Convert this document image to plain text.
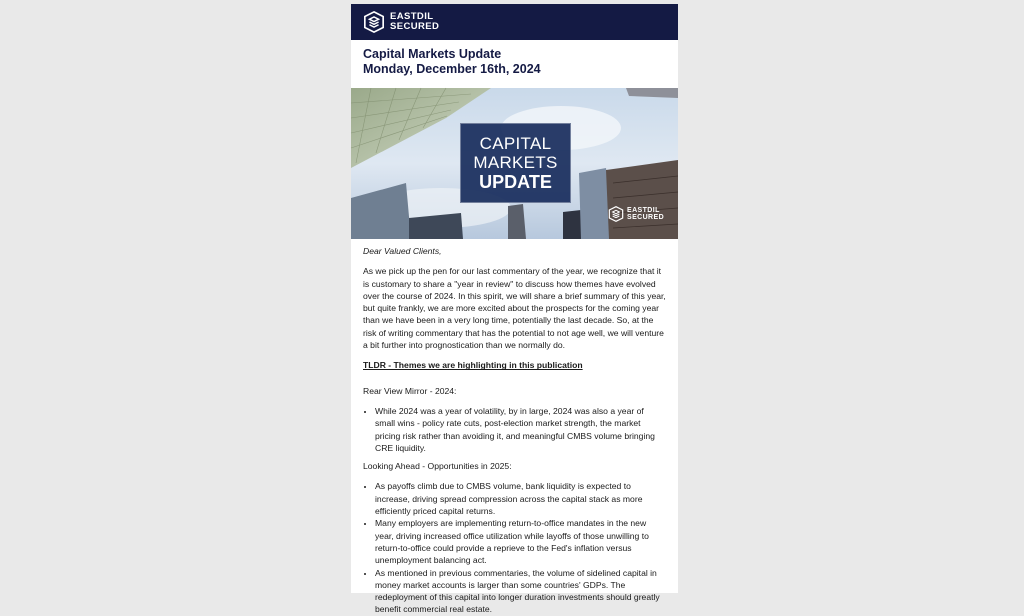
EASTDIL
SECURED
Capital Markets Update
Monday, December 16th, 2024
CAPITAL
MARKETS
UPDATE
EASTDIL
SECURED

Dear Valued Clients,

As we pick up the pen for our last commentary of the year, we recognize that it is customary to share a "year in review" to discuss how themes have evolved over the course of 2024. In this spirit, we will share a brief summary of this year, but quite frankly, we are more excited about the prospects for the coming year than we have been in a very long time, potentially the last decade. So, at the risk of writing commentary that has the potential to not age well, we will venture a bit further into prognostication than we normally do.

TLDR - Themes we are highlighting in this publication

Rear View Mirror - 2024:

• While 2024 was a year of volatility, by in large, 2024 was also a year of small wins - policy rate cuts, post-election market strength, the market pricing risk rather than avoiding it, and meaningful CMBS volume bringing CRE liquidity.

Looking Ahead - Opportunities in 2025:

• As payoffs climb due to CMBS volume, bank liquidity is expected to increase, driving spread compression across the capital stack as more efficiently priced capital returns.
• Many employers are implementing return-to-office mandates in the new year, driving increased office utilization while layoffs of those unwilling to return-to-office could provide a reprieve to the Fed's inflation versus unemployment balancing act.
• As mentioned in previous commentaries, the volume of sidelined capital in money market accounts is larger than some countries' GDPs. The redeployment of this capital into longer duration investments should greatly benefit commercial real estate.
